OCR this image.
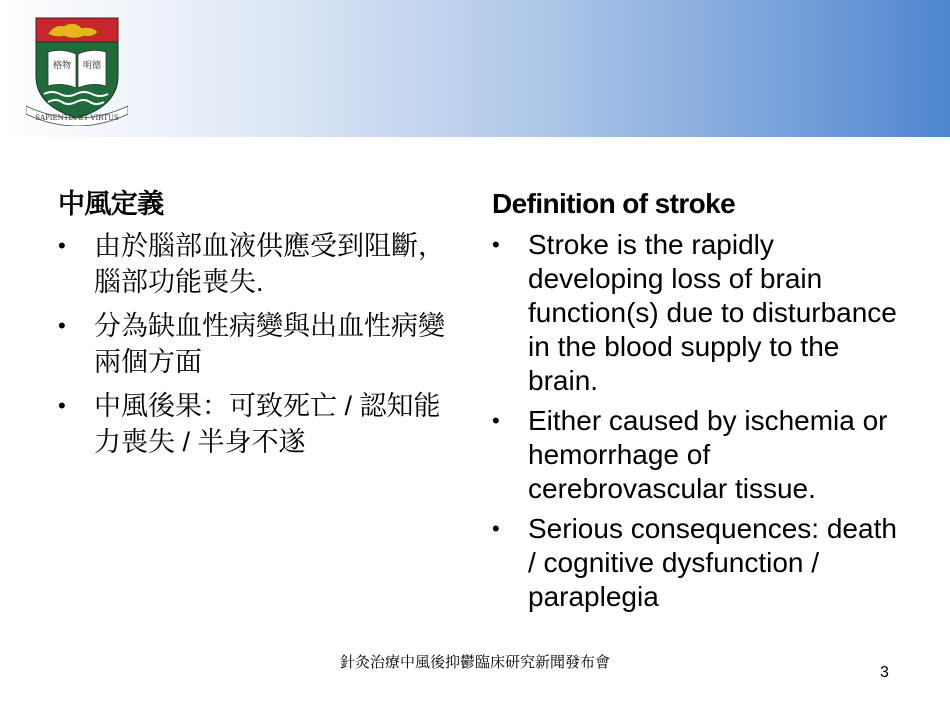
格物 明德
SAPIENTIA ET VIRTUS
中風定義
• 由於腦部血液供應受到阻斷，腦部功能喪失.
• 分為缺血性病變與出血性病變兩個方面
• 中風後果：可致死亡 / 認知能力喪失 / 半身不遂
Definition of stroke
• Stroke is the rapidly developing loss of brain function(s) due to disturbance in the blood supply to the brain.
• Either caused by ischemia or hemorrhage of cerebrovascular tissue.
• Serious consequences: death / cognitive dysfunction / paraplegia
針灸治療中風後抑鬱臨床研究新聞發布會
3
